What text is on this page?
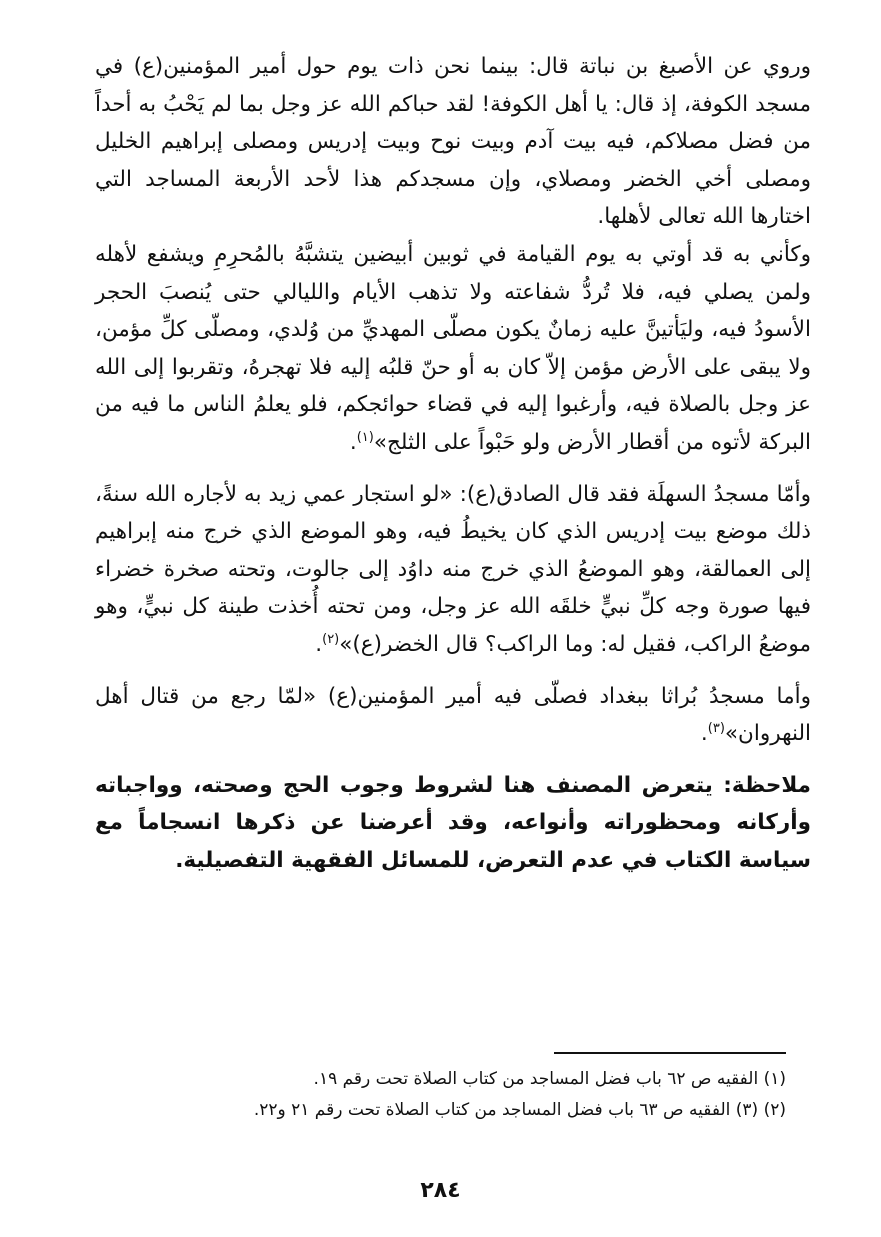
وروي عن الأصبغ بن نباتة قال: بينما نحن ذات يوم حول أمير المؤمنين(ع) في مسجد الكوفة، إذ قال: يا أهل الكوفة! لقد حباكم الله عز وجل بما لم يَحْبُ به أحداً من فضل مصلاكم، فيه بيت آدم وبيت نوح وبيت إدريس ومصلى إبراهيم الخليل ومصلى أخي الخضر ومصلاي، وإن مسجدكم هذا لأحد الأربعة المساجد التي اختارها الله تعالى لأهلها.

وكأني به قد أوتي به يوم القيامة في ثوبين أبيضين يتشبَّهُ بالمُحرِمِ ويشفع لأهله ولمن يصلي فيه، فلا تُردُّ شفاعته ولا تذهب الأيام والليالي حتى يُنصبَ الحجر الأسودُ فيه، وليَأتينَّ عليه زمانٌ يكون مصلّى المهديِّ من وُلدي، ومصلّى كلِّ مؤمن، ولا يبقى على الأرض مؤمن إلاّ كان به أو حنّ قلبُه إليه فلا تهجرهُ، وتقربوا إلى الله عز وجل بالصلاة فيه، وأرغبوا إليه في قضاء حوائجكم، فلو يعلمُ الناس ما فيه من البركة لأتوه من أقطار الأرض ولو حَبْواً على الثلج»$^{(١)}$.

وأمّا مسجدُ السهلَة فقد قال الصادق(ع): «لو استجار عمي زيد به لأجاره الله سنةً، ذلك موضع بيت إدريس الذي كان يخيطُ فيه، وهو الموضع الذي خرج منه إبراهيم إلى العمالقة، وهو الموضعُ الذي خرج منه داوُد إلى جالوت، وتحته صخرة خضراء فيها صورة وجه كلِّ نبيٍّ خلقَه الله عز وجل، ومن تحته أُخذت طينة كل نبيٍّ، وهو موضعُ الراكب، فقيل له: وما الراكب؟ قال الخضر(ع)»$^{(٢)}$.

وأما مسجدُ بُراثا ببغداد فصلّى فيه أمير المؤمنين(ع) «لمّا رجع من قتال أهل النهروان»$^{(٣)}$.

ملاحظة: يتعرض المصنف هنا لشروط وجوب الحج وصحته، وواجباته وأركانه ومحظوراته وأنواعه، وقد أعرضنا عن ذكرها انسجاماً مع سياسة الكتاب في عدم التعرض، للمسائل الفقهية التفصيلية.

(١) الفقيه ص ٦٢ باب فضل المساجد من كتاب الصلاة تحت رقم ١٩.

(٢) (٣) الفقيه ص ٦٣ باب فضل المساجد من كتاب الصلاة تحت رقم ٢١ و٢٢.

٢٨٤
